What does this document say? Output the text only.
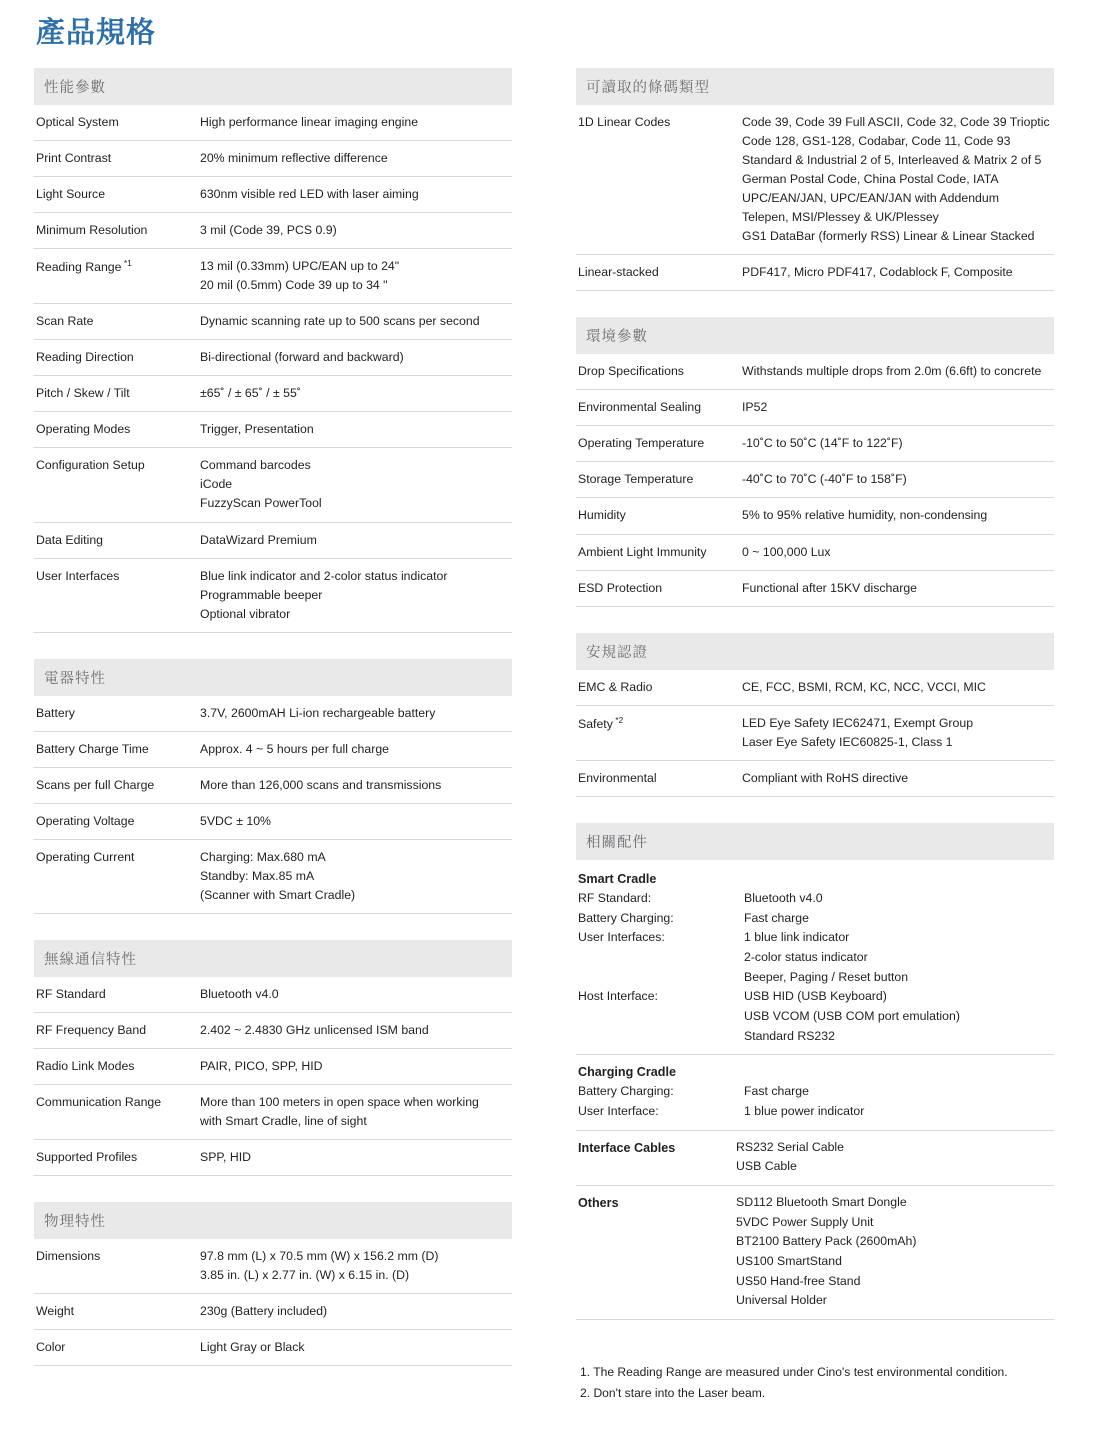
產品規格
性能參數
Optical System	High performance linear imaging engine
Print Contrast	20% minimum reflective difference
Light Source	630nm visible red LED with laser aiming
Minimum Resolution	3 mil (Code 39, PCS 0.9)
Reading Range $^{*1}$	13 mil (0.33mm) UPC/EAN up to 24"
20 mil (0.5mm) Code 39 up to 34 "
Scan Rate	Dynamic scanning rate up to 500 scans per second
Reading Direction	Bi-directional (forward and backward)
Pitch / Skew / Tilt	±65˚ / ± 65˚ / ± 55˚
Operating Modes	Trigger, Presentation
Configuration Setup	Command barcodes
iCode
FuzzyScan PowerTool
Data Editing	DataWizard Premium
User Interfaces	Blue link indicator and 2-color status indicator
Programmable beeper
Optional vibrator
電器特性
Battery	3.7V, 2600mAH Li-ion rechargeable battery
Battery Charge Time	Approx. 4 ~ 5 hours per full charge
Scans per full Charge	More than 126,000 scans and transmissions
Operating Voltage	5VDC ± 10%
Operating Current	Charging: Max.680 mA
Standby: Max.85 mA
(Scanner with Smart Cradle)
無線通信特性
RF Standard	Bluetooth v4.0
RF Frequency Band	2.402 ~ 2.4830 GHz unlicensed ISM band
Radio Link Modes	PAIR, PICO, SPP, HID
Communication Range	More than 100 meters in open space when working
with Smart Cradle, line of sight
Supported Profiles	SPP, HID
物理特性
Dimensions	97.8 mm (L) x 70.5 mm (W) x 156.2 mm (D)
3.85 in. (L) x 2.77 in. (W) x 6.15 in. (D)
Weight	230g (Battery included)
Color	Light Gray or Black
可讀取的條碼類型
1D Linear Codes	Code 39, Code 39 Full ASCII, Code 32, Code 39 Trioptic
Code 128, GS1-128, Codabar, Code 11, Code 93
Standard & Industrial 2 of 5, Interleaved & Matrix 2 of 5
German Postal Code, China Postal Code, IATA
UPC/EAN/JAN, UPC/EAN/JAN with Addendum
Telepen, MSI/Plessey & UK/Plessey
GS1 DataBar (formerly RSS) Linear & Linear Stacked
Linear-stacked	PDF417, Micro PDF417, Codablock F, Composite
環境參數
Drop Specifications	Withstands multiple drops from 2.0m (6.6ft) to concrete
Environmental Sealing	IP52
Operating Temperature	-10˚C to 50˚C (14˚F to 122˚F)
Storage Temperature	-40˚C to 70˚C (-40˚F to 158˚F)
Humidity	5% to 95% relative humidity, non-condensing
Ambient Light Immunity	0 ~ 100,000 Lux
ESD Protection	Functional after 15KV discharge
安規認證
EMC & Radio	CE, FCC, BSMI, RCM, KC, NCC, VCCI, MIC
Safety $^{*2}$	LED Eye Safety IEC62471, Exempt Group
Laser Eye Safety IEC60825-1, Class 1
Environmental	Compliant with RoHS directive
相關配件
Smart Cradle
RF Standard:	Bluetooth v4.0
Battery Charging:	Fast charge
User Interfaces:	1 blue link indicator
2-color status indicator
Beeper, Paging / Reset button
Host Interface:	USB HID (USB Keyboard)
USB VCOM (USB COM port emulation)
Standard RS232
Charging Cradle
Battery Charging:	Fast charge
User Interface:	1 blue power indicator
Interface Cables	RS232 Serial Cable
USB Cable
Others	SD112 Bluetooth Smart Dongle
5VDC Power Supply Unit
BT2100 Battery Pack (2600mAh)
US100 SmartStand
US50 Hand-free Stand
Universal Holder
1. The Reading Range are measured under Cino's test environmental condition.
2. Don't stare into the Laser beam.
